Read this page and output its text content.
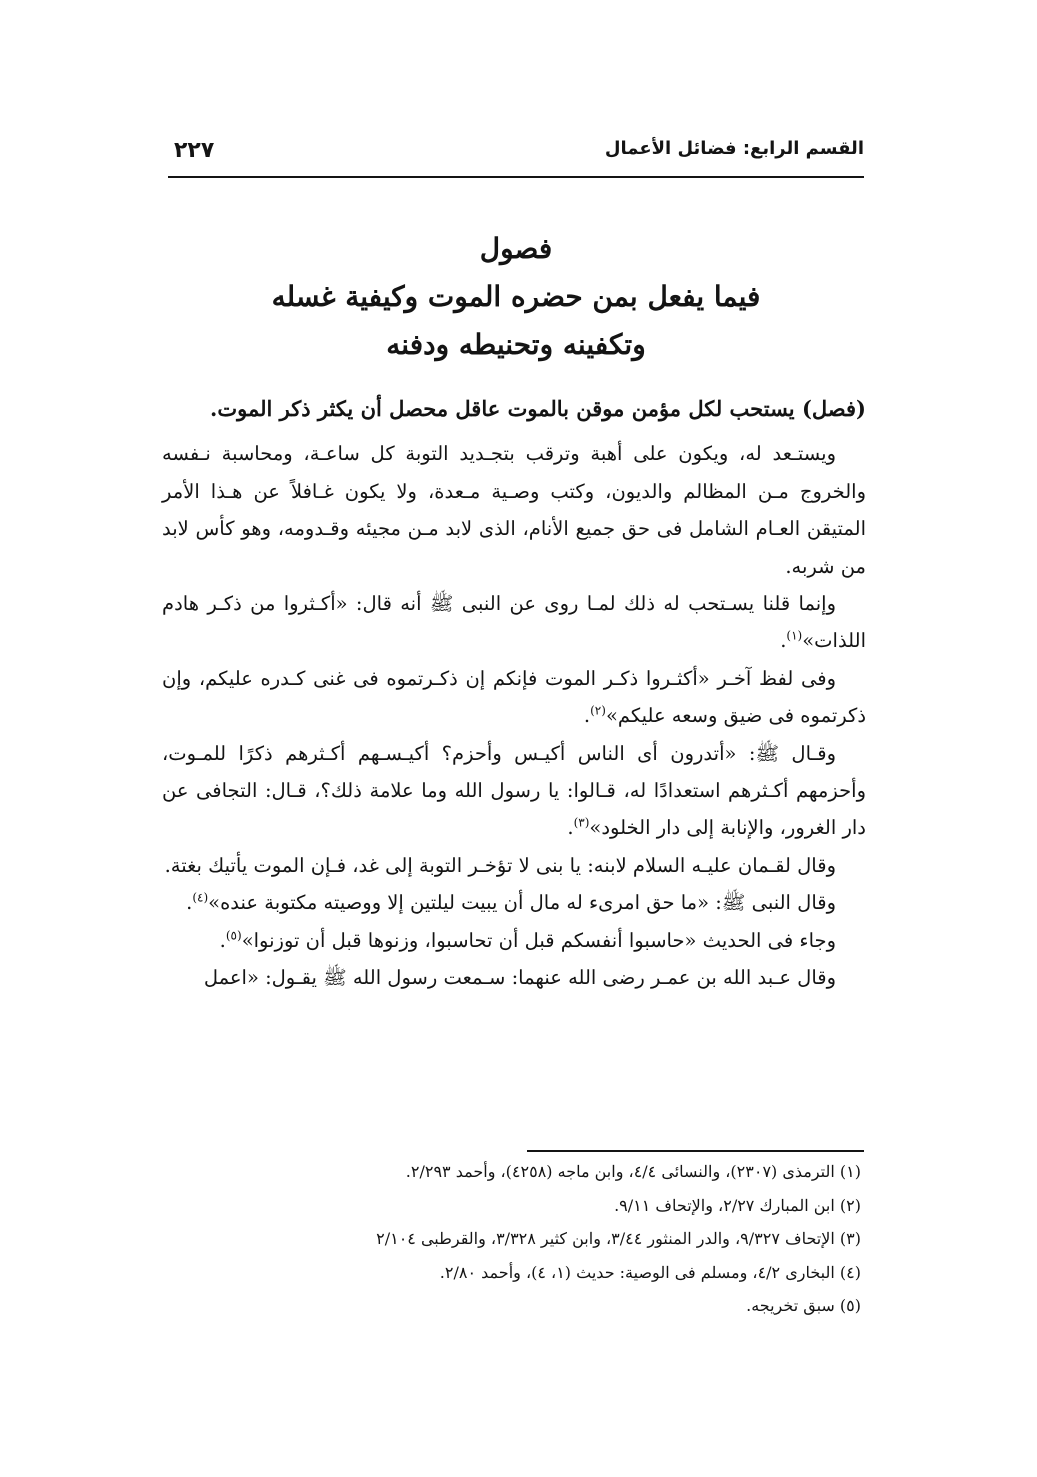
القسم الرابع: فضائل الأعمال
٢٢٧
فصول
فيما يفعل بمن حضره الموت وكيفية غسله
وتكفينه وتحنيطه ودفنه

(فصل) يستحب لكل مؤمن موقن بالموت عاقل محصل أن يكثر ذكر الموت.

ويستـعد له، ويكون على أهبة وترقب بتجـديد التوبة كل ساعـة، ومحاسبة نـفسه والخروج مـن المظالم والديون، وكتب وصـية مـعدة، ولا يكون غـافلاً عن هـذا الأمر المتيقن العـام الشامل فى حق جميع الأنام، الذى لابد مـن مجيئه وقـدومه، وهو كأس لابد من شربه.

وإنما قلنا يسـتحب له ذلك لمـا روى عن النبى ﷺ أنه قال: «أكـثروا من ذكـر هادم اللذات»$^{(١)}$.

وفى لفظ آخـر «أكثـروا ذكـر الموت فإنكم إن ذكـرتموه فى غنى كـدره عليكم، وإن ذكرتموه فى ضيق وسعه عليكم»$^{(٢)}$.

وقـال ﷺ: «أتدرون أى الناس أكيـس وأحزم؟ أكيـسـهم أكـثرهم ذكرًا للمـوت، وأحزمهم أكـثرهم استعدادًا له، قـالوا: يا رسول الله وما علامة ذلك؟، قـال: التجافى عن دار الغرور، والإنابة إلى دار الخلود»$^{(٣)}$.

وقال لقـمان عليـه السلام لابنه: يا بنى لا تؤخـر التوبة إلى غد، فـإن الموت يأتيك بغتة.

وقال النبى ﷺ: «ما حق امرىء له مال أن يبيت ليلتين إلا ووصيته مكتوبة عنده»$^{(٤)}$.

وجاء فى الحديث «حاسبوا أنفسكم قبل أن تحاسبوا، وزنوها قبل أن توزنوا»$^{(٥)}$.

وقال عـبد الله بن عمـر رضى الله عنهما: سـمعت رسول الله ﷺ يقـول: «اعمل

(١) الترمذى (٢٣٠٧)، والنسائى ٤/٤، وابن ماجه (٤٢٥٨)، وأحمد ٢/٢٩٣.
(٢) ابن المبارك ٢/٢٧، والإتحاف ٩/١١.
(٣) الإتحاف ٩/٣٢٧، والدر المنثور ٣/٤٤، وابن كثير ٣/٣٢٨، والقرطبى ٢/١٠٤
(٤) البخارى ٤/٢، ومسلم فى الوصية: حديث (١، ٤)، وأحمد ٢/٨٠.
(٥) سبق تخريجه.
